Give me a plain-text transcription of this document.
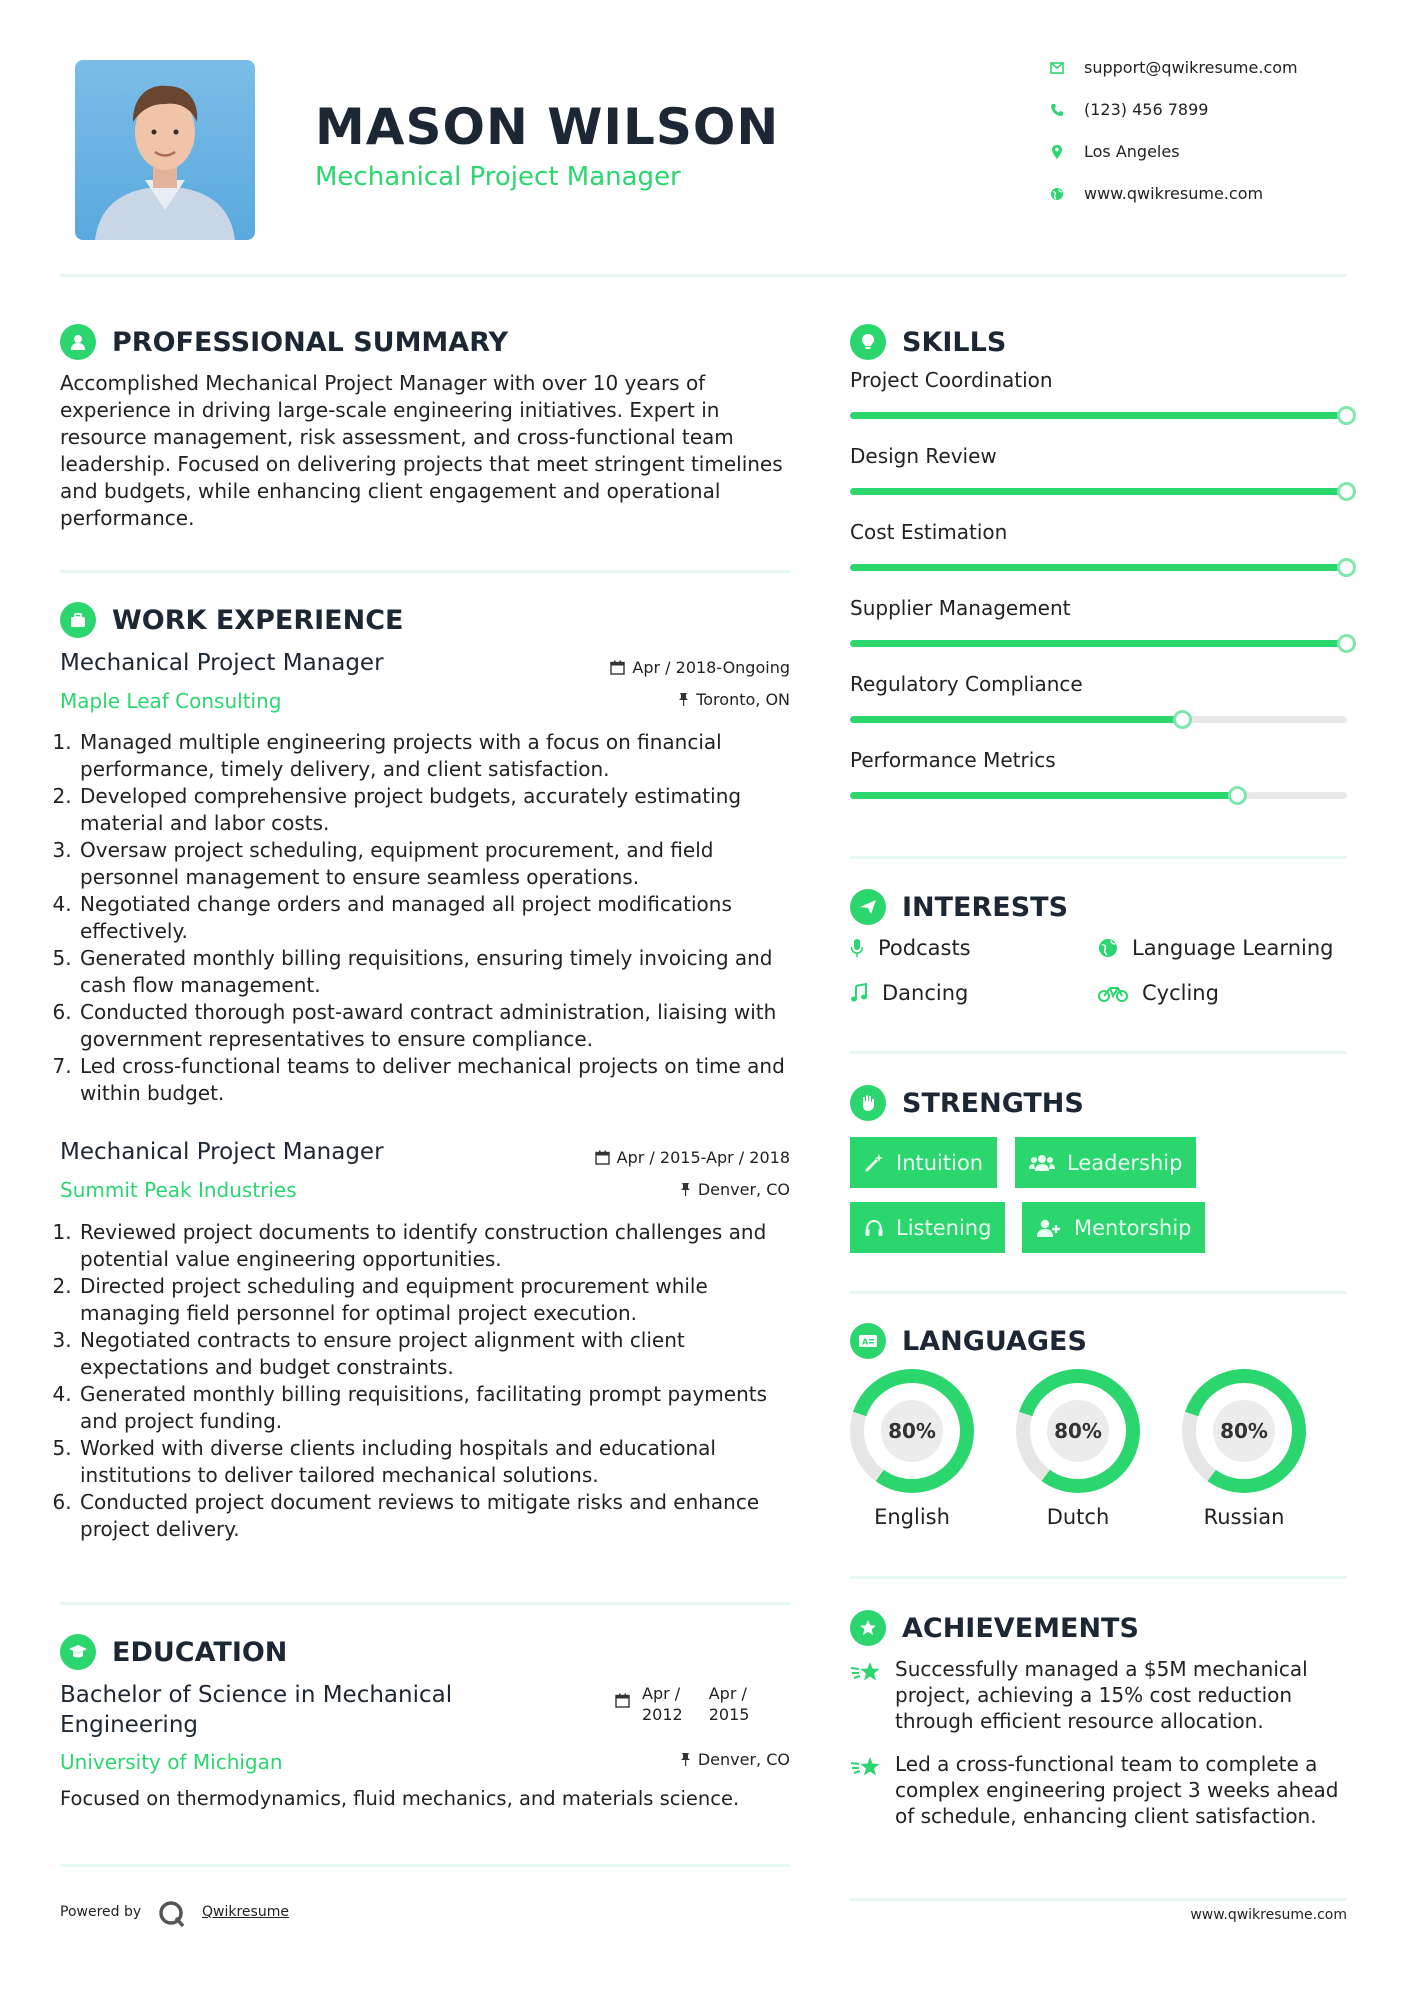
MASON WILSON
Mechanical Project Manager
support@qwikresume.com
(123) 456 7899
Los Angeles
www.qwikresume.com
PROFESSIONAL SUMMARY
Accomplished Mechanical Project Manager with over 10 years of experience in driving large-scale engineering initiatives. Expert in resource management, risk assessment, and cross-functional team leadership. Focused on delivering projects that meet stringent timelines and budgets, while enhancing client engagement and operational performance.
WORK EXPERIENCE
Mechanical Project Manager
Maple Leaf Consulting
Apr / 2018-Ongoing
Toronto, ON
1. Managed multiple engineering projects with a focus on financial performance, timely delivery, and client satisfaction.
2. Developed comprehensive project budgets, accurately estimating material and labor costs.
3. Oversaw project scheduling, equipment procurement, and field personnel management to ensure seamless operations.
4. Negotiated change orders and managed all project modifications effectively.
5. Generated monthly billing requisitions, ensuring timely invoicing and cash flow management.
6. Conducted thorough post-award contract administration, liaising with government representatives to ensure compliance.
7. Led cross-functional teams to deliver mechanical projects on time and within budget.
Mechanical Project Manager
Summit Peak Industries
Apr / 2015-Apr / 2018
Denver, CO
1. Reviewed project documents to identify construction challenges and potential value engineering opportunities.
2. Directed project scheduling and equipment procurement while managing field personnel for optimal project execution.
3. Negotiated contracts to ensure project alignment with client expectations and budget constraints.
4. Generated monthly billing requisitions, facilitating prompt payments and project funding.
5. Worked with diverse clients including hospitals and educational institutions to deliver tailored mechanical solutions.
6. Conducted project document reviews to mitigate risks and enhance project delivery.
EDUCATION
Bachelor of Science in Mechanical Engineering
University of Michigan
Apr /
2012
Apr /
2015
Denver, CO
Focused on thermodynamics, fluid mechanics, and materials science.
SKILLS
Project Coordination
Design Review
Cost Estimation
Supplier Management
Regulatory Compliance
Performance Metrics
INTERESTS
Podcasts	Language Learning
Dancing	Cycling
STRENGTHS
Intuition	Leadership
Listening	Mentorship
A LANGUAGES
80%
English
80%
Dutch
80%
Russian
ACHIEVEMENTS
Successfully managed a $5M mechanical project, achieving a 15% cost reduction through efficient resource allocation.
Led a cross-functional team to complete a complex engineering project 3 weeks ahead of schedule, enhancing client satisfaction.
Powered by	Qwikresume	www.qwikresume.com
